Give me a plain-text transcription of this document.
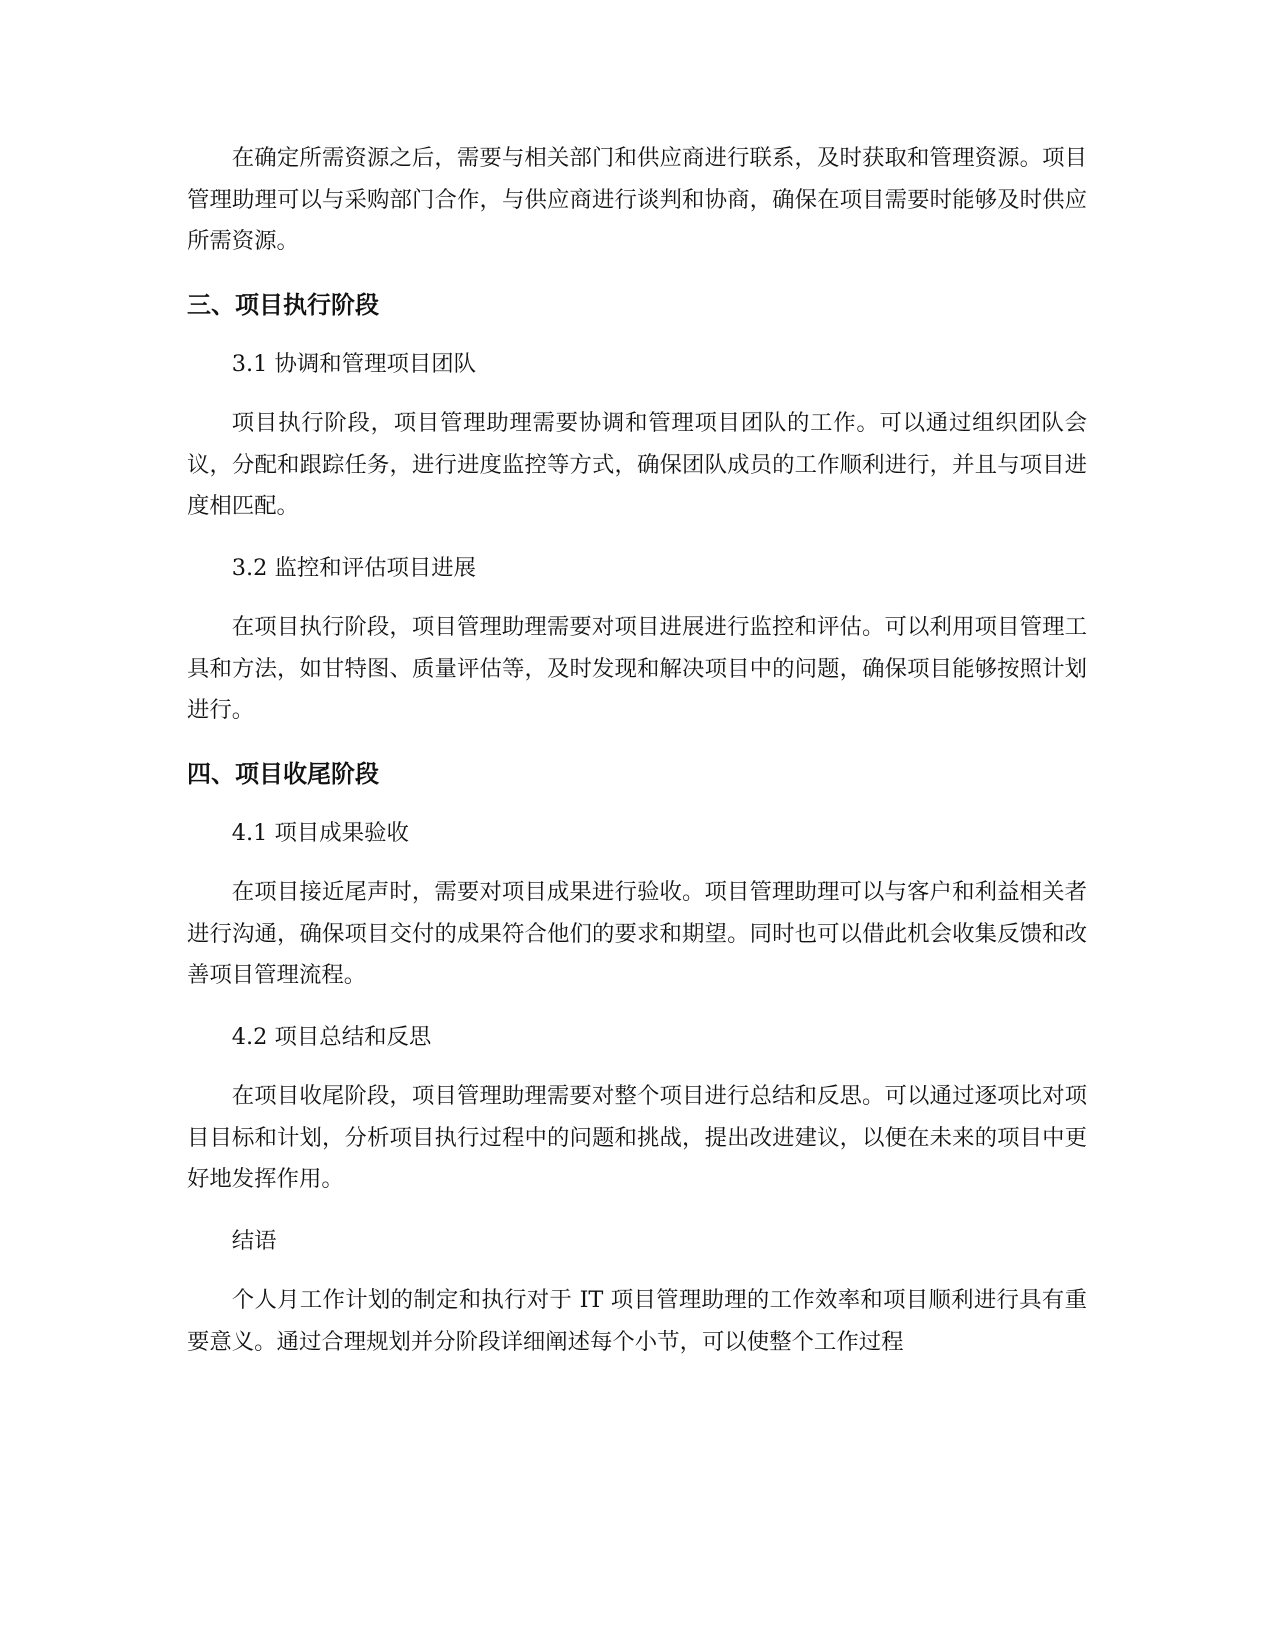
在确定所需资源之后，需要与相关部门和供应商进行联系，及时获取和管理资源。项目管理助理可以与采购部门合作，与供应商进行谈判和协商，确保在项目需要时能够及时供应所需资源。

三、项目执行阶段

3.1 协调和管理项目团队

项目执行阶段，项目管理助理需要协调和管理项目团队的工作。可以通过组织团队会议，分配和跟踪任务，进行进度监控等方式，确保团队成员的工作顺利进行，并且与项目进度相匹配。

3.2 监控和评估项目进展

在项目执行阶段，项目管理助理需要对项目进展进行监控和评估。可以利用项目管理工具和方法，如甘特图、质量评估等，及时发现和解决项目中的问题，确保项目能够按照计划进行。

四、项目收尾阶段

4.1 项目成果验收

在项目接近尾声时，需要对项目成果进行验收。项目管理助理可以与客户和利益相关者进行沟通，确保项目交付的成果符合他们的要求和期望。同时也可以借此机会收集反馈和改善项目管理流程。

4.2 项目总结和反思

在项目收尾阶段，项目管理助理需要对整个项目进行总结和反思。可以通过逐项比对项目目标和计划，分析项目执行过程中的问题和挑战，提出改进建议，以便在未来的项目中更好地发挥作用。

结语

个人月工作计划的制定和执行对于 IT 项目管理助理的工作效率和项目顺利进行具有重要意义。通过合理规划并分阶段详细阐述每个小节，可以使整个工作过程
